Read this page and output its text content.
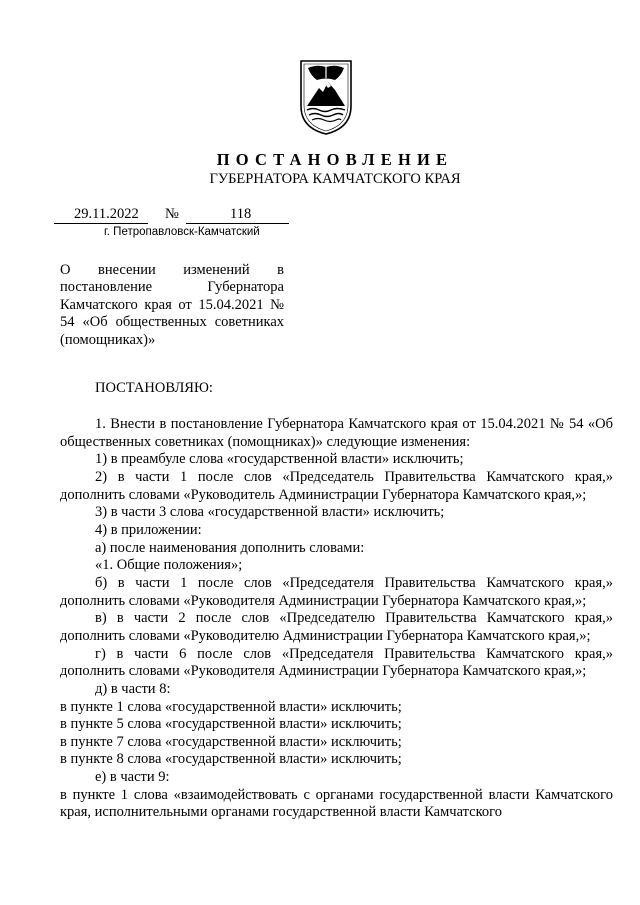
ПОСТАНОВЛЕНИЕ
ГУБЕРНАТОРА КАМЧАТСКОГО КРАЯ
29.11.2022 №	118
г. Петропавловск-Камчатский
О внесении изменений в постановление Губернатора Камчатского края от 15.04.2021 № 54 «Об общественных советниках (помощниках)»
ПОСТАНОВЛЯЮ:

1. Внести в постановление Губернатора Камчатского края от 15.04.2021 № 54 «Об общественных советниках (помощниках)» следующие изменения:

1) в преамбуле слова «государственной власти» исключить;

2) в части 1 после слов «Председатель Правительства Камчатского края,» дополнить словами «Руководитель Администрации Губернатора Камчатского края,»;

3) в части 3 слова «государственной власти» исключить;

4) в приложении:

а) после наименования дополнить словами:

«1. Общие положения»;

б) в части 1 после слов «Председателя Правительства Камчатского края,» дополнить словами «Руководителя Администрации Губернатора Камчатского края,»;

в) в части 2 после слов «Председателю Правительства Камчатского края,» дополнить словами «Руководителю Администрации Губернатора Камчатского края,»;

г) в части 6 после слов «Председателя Правительства Камчатского края,» дополнить словами «Руководителя Администрации Губернатора Камчатского края,»;

д) в части 8:

в пункте 1 слова «государственной власти» исключить;

в пункте 5 слова «государственной власти» исключить;

в пункте 7 слова «государственной власти» исключить;

в пункте 8 слова «государственной власти» исключить;

е) в части 9:

в пункте 1 слова «взаимодействовать с органами государственной власти Камчатского края, исполнительными органами государственной власти Камчатского
